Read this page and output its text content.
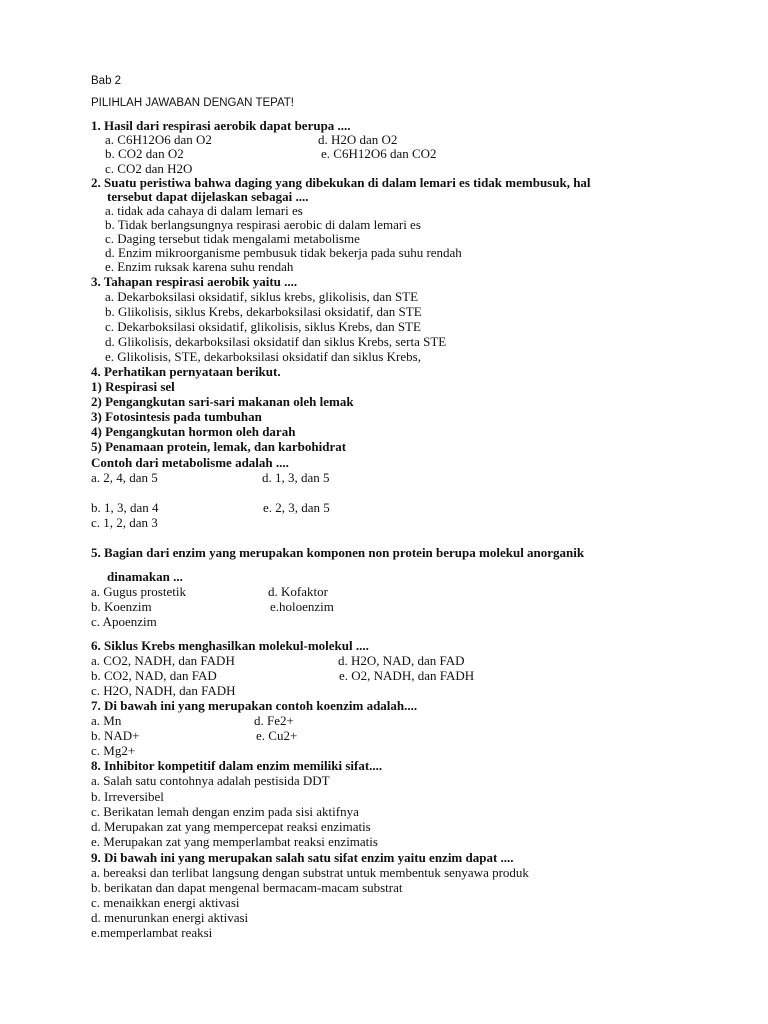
Bab 2
PILIHLAH JAWABAN DENGAN TEPAT!
1. Hasil dari respirasi aerobik dapat berupa ....
a. C6H12O6 dan O2	d. H2O dan O2
b. CO2 dan O2	e. C6H12O6 dan CO2
c. CO2 dan H2O
2. Suatu peristiwa bahwa daging yang dibekukan di dalam lemari es tidak membusuk, hal
tersebut dapat dijelaskan sebagai ....
a. tidak ada cahaya di dalam lemari es
b. Tidak berlangsungnya respirasi aerobic di dalam lemari es
c. Daging tersebut tidak mengalami metabolisme
d. Enzim mikroorganisme pembusuk tidak bekerja pada suhu rendah
e. Enzim ruksak karena suhu rendah
3. Tahapan respirasi aerobik yaitu ....
a. Dekarboksilasi oksidatif, siklus krebs, glikolisis, dan STE
b. Glikolisis, siklus Krebs, dekarboksilasi oksidatif, dan STE
c. Dekarboksilasi oksidatif, glikolisis, siklus Krebs, dan STE
d. Glikolisis, dekarboksilasi oksidatif dan siklus Krebs, serta STE
e. Glikolisis, STE, dekarboksilasi oksidatif dan siklus Krebs,
4. Perhatikan pernyataan berikut.
1) Respirasi sel
2) Pengangkutan sari-sari makanan oleh lemak
3) Fotosintesis pada tumbuhan
4) Pengangkutan hormon oleh darah
5) Penamaan protein, lemak, dan karbohidrat
Contoh dari metabolisme adalah ....
a. 2, 4, dan 5	d. 1, 3, dan 5
b. 1, 3, dan 4	e. 2, 3, dan 5
c. 1, 2, dan 3
5. Bagian dari enzim yang merupakan komponen non protein berupa molekul anorganik
dinamakan ...
a. Gugus prostetik	d. Kofaktor
b. Koenzim	e.holoenzim
c. Apoenzim
6. Siklus Krebs menghasilkan molekul-molekul ....
a. CO2, NADH, dan FADH	d. H2O, NAD, dan FAD
b. CO2, NAD, dan FAD	e. O2, NADH, dan FADH
c. H2O, NADH, dan FADH
7. Di bawah ini yang merupakan contoh koenzim adalah....
a. Mn	d. Fe2+
b. NAD+	e. Cu2+
c. Mg2+
8. Inhibitor kompetitif dalam enzim memiliki sifat....
a. Salah satu contohnya adalah pestisida DDT
b. Irreversibel
c. Berikatan lemah dengan enzim pada sisi aktifnya
d. Merupakan zat yang mempercepat reaksi enzimatis
e. Merupakan zat yang memperlambat reaksi enzimatis
9. Di bawah ini yang merupakan salah satu sifat enzim yaitu enzim dapat ....
a. bereaksi dan terlibat langsung dengan substrat untuk membentuk senyawa produk
b. berikatan dan dapat mengenal bermacam-macam substrat
c. menaikkan energi aktivasi
d. menurunkan energi aktivasi
e.memperlambat reaksi
